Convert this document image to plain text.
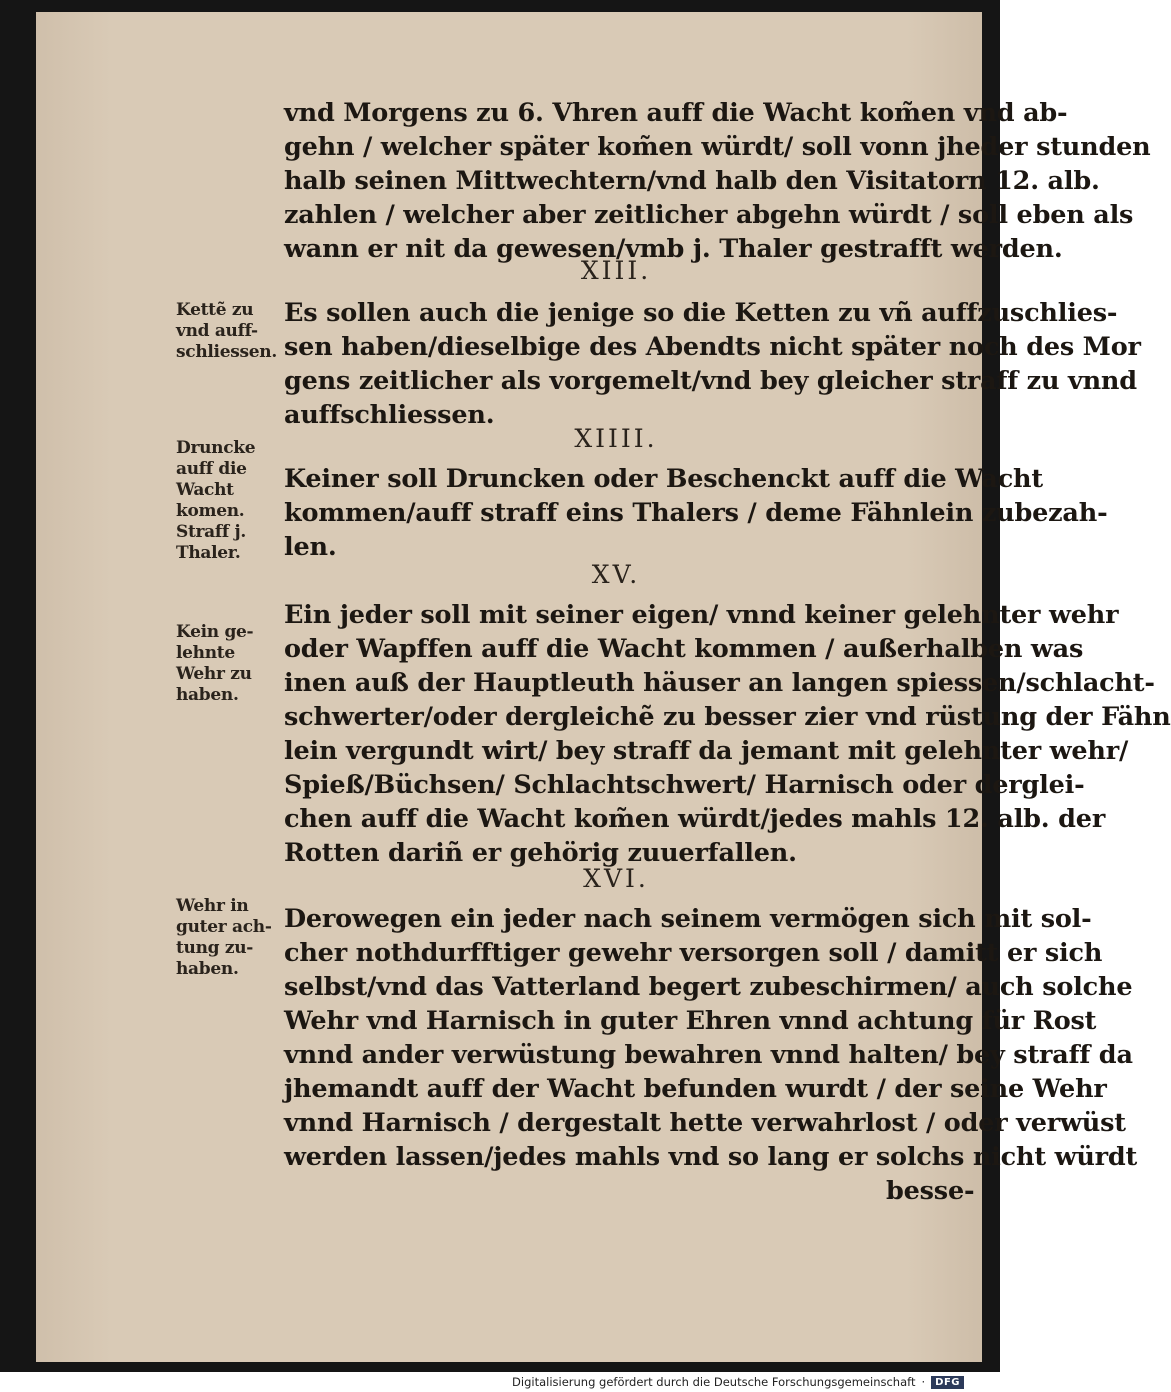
vnd Morgens zu 6. Vhren auff die Wacht kom̃en vnd ab-
gehn / welcher später kom̃en würdt/ soll vonn jheder stunden
halb seinen Mittwechtern/vnd halb den Visitatorn 12. alb.
zahlen / welcher aber zeitlicher abgehn würdt / soll eben als
wann er nit da gewesen/vmb j. Thaler gestrafft werden.
XIII.
Es sollen auch die jenige so die Ketten zu vñ auffzuschlies-
sen haben/dieselbige des Abendts nicht später noch des Mor
gens zeitlicher als vorgemelt/vnd bey gleicher straff zu vnnd
auffschliessen.
XIIII.
Keiner soll Druncken oder Beschenckt auff die Wacht
kommen/auff straff eins Thalers / deme Fähnlein zubezah-
len.
XV.
Ein jeder soll mit seiner eigen/ vnnd keiner gelehnter wehr
oder Wapffen auff die Wacht kommen / außerhalben was
inen auß der Hauptleuth häuser an langen spiessen/schlacht-
schwerter/oder dergleichẽ zu besser zier vnd rüstung der Fähn
lein vergundt wirt/ bey straff da jemant mit gelehnter wehr/
Spieß/Büchsen/ Schlachtschwert/ Harnisch oder derglei-
chen auff die Wacht kom̃en würdt/jedes mahls 12. alb. der
Rotten dariñ er gehörig zuuerfallen.
XVI.
Derowegen ein jeder nach seinem vermögen sich mit sol-
cher nothdurfftiger gewehr versorgen soll / damitt er sich
selbst/vnd das Vatterland begert zubeschirmen/ auch solche
Wehr vnd Harnisch in guter Ehren vnnd achtung für Rost
vnnd ander verwüstung bewahren vnnd halten/ bey straff da
jhemandt auff der Wacht befunden wurdt / der seine Wehr
vnnd Harnisch / dergestalt hette verwahrlost / oder verwüst
werden lassen/jedes mahls vnd so lang er solchs nicht würdt
besse-
Kettẽ zu
vnd auff-
schliessen.
Druncke
auff die
Wacht
komen.
Straff j.
Thaler.
Kein ge-
lehnte
Wehr zu
haben.
Wehr in
guter ach-
tung zu-
haben.
Digitalisierung gefördert durch die Deutsche Forschungsgemeinschaft ·	DFG
